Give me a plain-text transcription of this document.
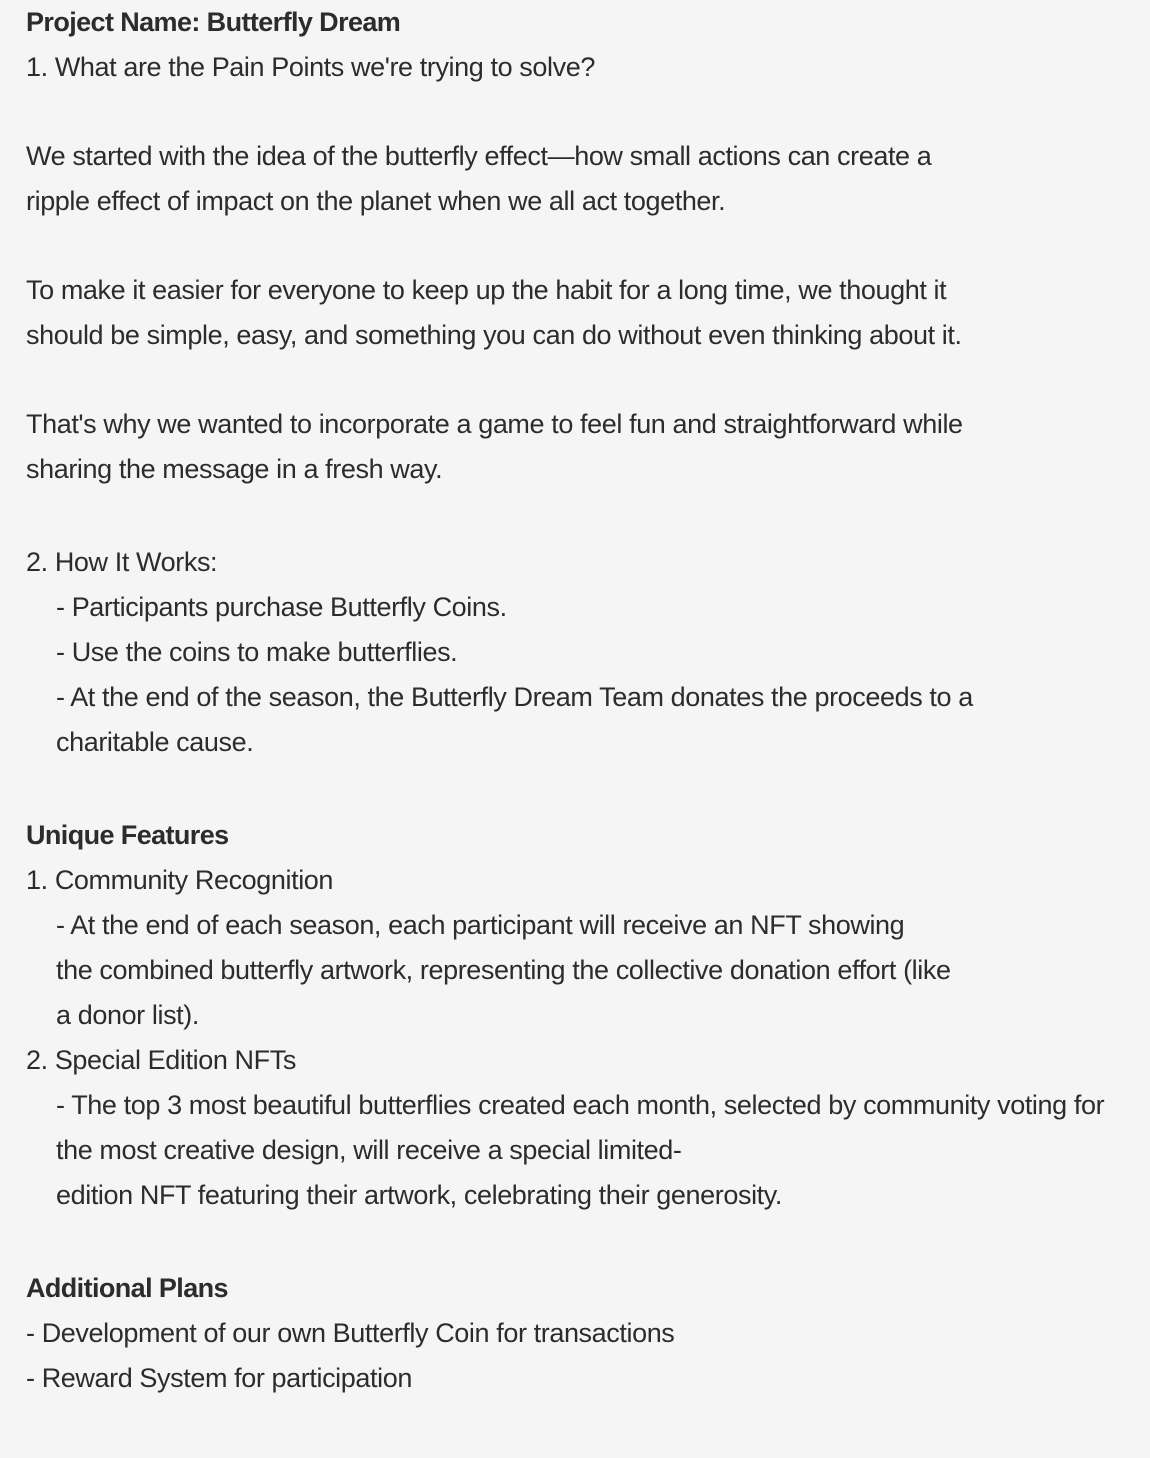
Project Name: Butterfly Dream

1. What are the Pain Points we're trying to solve?

We started with the idea of the butterfly effect—how small actions can create a

ripple effect of impact on the planet when we all act together.

To make it easier for everyone to keep up the habit for a long time, we thought it

should be simple, easy, and something you can do without even thinking about it.

That's why we wanted to incorporate a game to feel fun and straightforward while

sharing the message in a fresh way.

2. How It Works:

- Participants purchase Butterfly Coins.

- Use the coins to make butterflies.

- At the end of the season, the Butterfly Dream Team donates the proceeds to a

charitable cause.

Unique Features

1. Community Recognition

- At the end of each season, each participant will receive an NFT showing

the combined butterfly artwork, representing the collective donation effort (like

a donor list).

2. Special Edition NFTs

- The top 3 most beautiful butterflies created each month, selected by community voting for

the most creative design, will receive a special limited-

edition NFT featuring their artwork, celebrating their generosity.

Additional Plans

- Development of our own Butterfly Coin for transactions

- Reward System for participation
